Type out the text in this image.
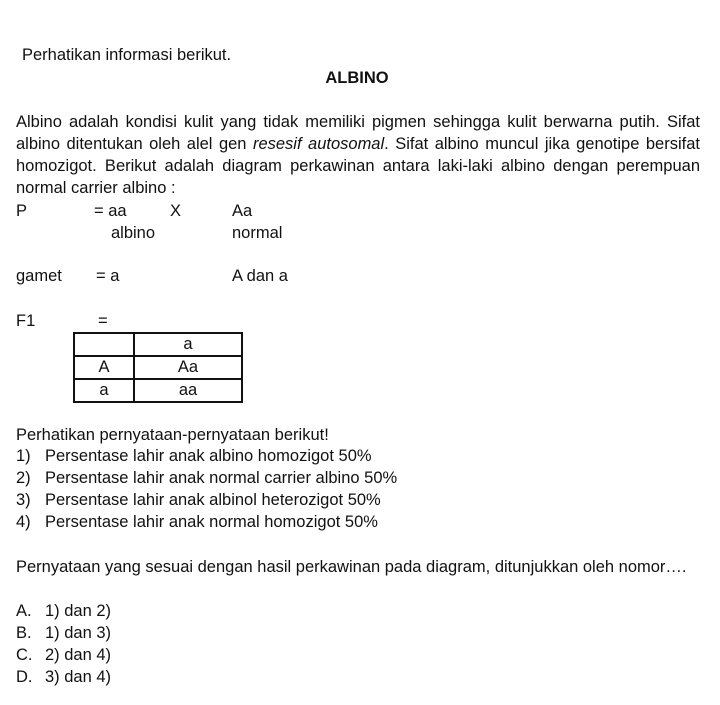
Perhatikan informasi berikut.
ALBINO
Albino adalah kondisi kulit yang tidak memiliki pigmen sehingga kulit berwarna putih. Sifat albino ditentukan oleh alel gen resesif autosomal. Sifat albino muncul jika genotipe bersifat homozigot. Berikut adalah diagram perkawinan antara laki-laki albino dengan perempuan normal carrier albino :
P	= aa	X	Aa
albino	normal
gamet = a	A dan a
F1	=
	a
A	Aa
a	aa
Perhatikan pernyataan-pernyataan berikut!
1) Persentase lahir anak albino homozigot 50%
2) Persentase lahir anak normal carrier albino 50%
3) Persentase lahir anak albinol heterozigot 50%
4) Persentase lahir anak normal homozigot 50%
Pernyataan yang sesuai dengan hasil perkawinan pada diagram, ditunjukkan oleh nomor….
A. 1) dan 2)
B. 1) dan 3)
C. 2) dan 4)
D. 3) dan 4)
